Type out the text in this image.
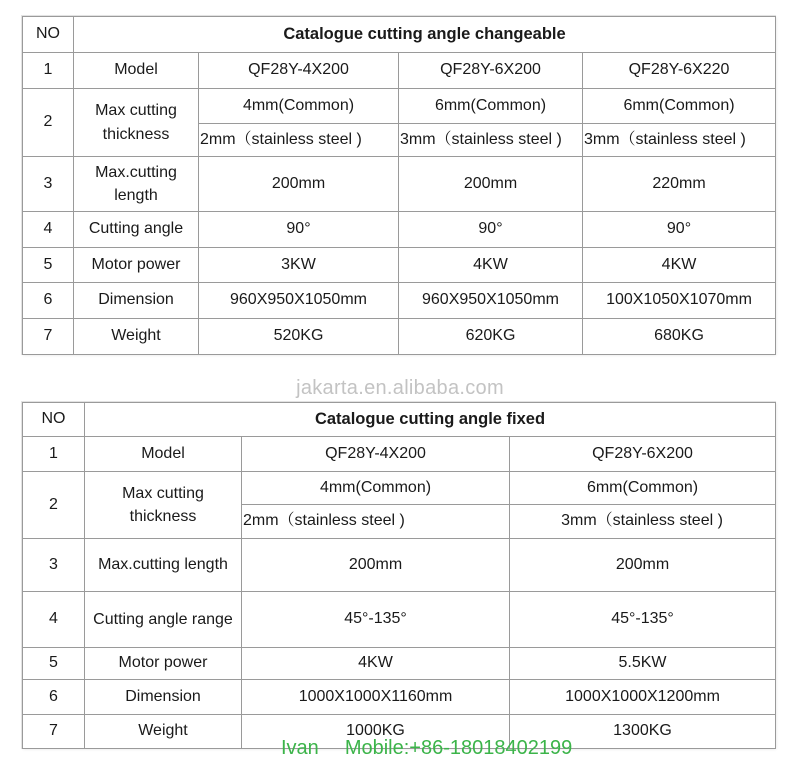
NO	Catalogue cutting angle changeable			
1	Model	QF28Y-4X200	QF28Y-6X200	QF28Y-6X220
2	Max cutting thickness	4mm(Common)	6mm(Common)	6mm(Common)
		2mm（stainless steel )	3mm（stainless steel )	3mm（stainless steel )
3	Max.cutting length	200mm	200mm	220mm
4	Cutting angle	90°	90°	90°
5	Motor power	3KW	4KW	4KW
6	Dimension	960X950X1050mm	960X950X1050mm	100X1050X1070mm
7	Weight	520KG	620KG	680KG
jakarta.en.alibaba.com
NO	Catalogue cutting angle fixed		
1	Model	QF28Y-4X200	QF28Y-6X200
2	Max cutting thickness	4mm(Common)	6mm(Common)
		2mm（stainless steel )	3mm（stainless steel )
3	Max.cutting length	200mm	200mm
4	Cutting angle range	45°-135°	45°-135°
5	Motor power	4KW	5.5KW
6	Dimension	1000X1000X1160mm	1000X1000X1200mm
7	Weight	1000KG	1300KG
Ivan Mobile:+86-18018402199
